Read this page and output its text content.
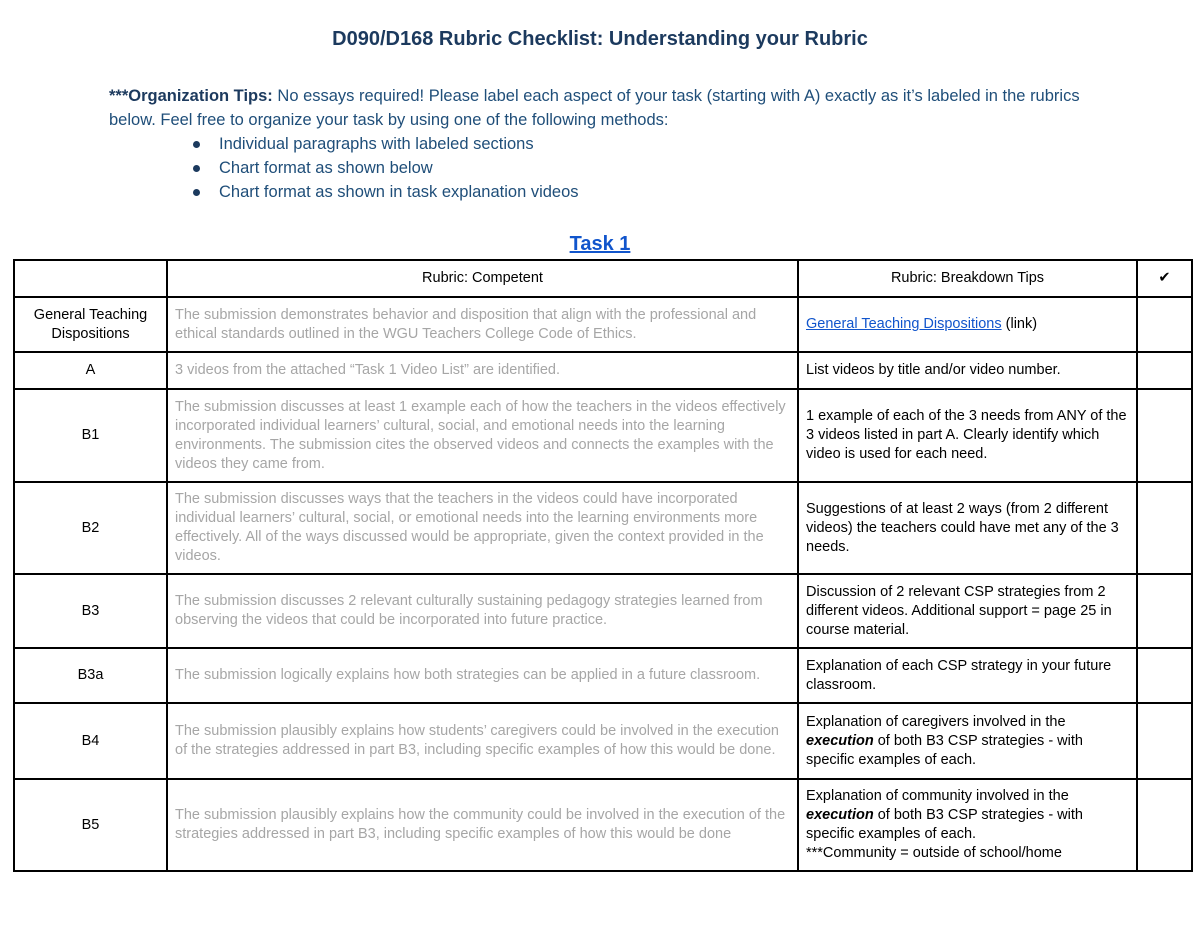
D090/D168 Rubric Checklist: Understanding your Rubric
***Organization Tips: No essays required! Please label each aspect of your task (starting with A) exactly as it’s labeled in the rubrics below. Feel free to organize your task by using one of the following methods:
Individual paragraphs with labeled sections
Chart format as shown below
Chart format as shown in task explanation videos
Task 1
	Rubric: Competent	Rubric: Breakdown Tips	✔
General Teaching Dispositions	The submission demonstrates behavior and disposition that align with the professional and ethical standards outlined in the WGU Teachers College Code of Ethics.	General Teaching Dispositions (link)	
A	3 videos from the attached “Task 1 Video List” are identified.	List videos by title and/or video number.	
B1	The submission discusses at least 1 example each of how the teachers in the videos effectively incorporated individual learners’ cultural, social, and emotional needs into the learning environments. The submission cites the observed videos and connects the examples with the videos they came from.	1 example of each of the 3 needs from ANY of the 3 videos listed in part A. Clearly identify which video is used for each need.	
B2	The submission discusses ways that the teachers in the videos could have incorporated individual learners’ cultural, social, or emotional needs into the learning environments more effectively. All of the ways discussed would be appropriate, given the context provided in the videos.	Suggestions of at least 2 ways (from 2 different videos) the teachers could have met any of the 3 needs.	
B3	The submission discusses 2 relevant culturally sustaining pedagogy strategies learned from observing the videos that could be incorporated into future practice.	Discussion of 2 relevant CSP strategies from 2 different videos. Additional support = page 25 in course material.	
B3a	The submission logically explains how both strategies can be applied in a future classroom.	Explanation of each CSP strategy in your future classroom.	
B4	The submission plausibly explains how students’ caregivers could be involved in the execution of the strategies addressed in part B3, including specific examples of how this would be done.	Explanation of caregivers involved in the execution of both B3 CSP strategies - with specific examples of each.	
B5	The submission plausibly explains how the community could be involved in the execution of the strategies addressed in part B3, including specific examples of how this would be done	Explanation of community involved in the execution of both B3 CSP strategies - with specific examples of each.
***Community = outside of school/home	
